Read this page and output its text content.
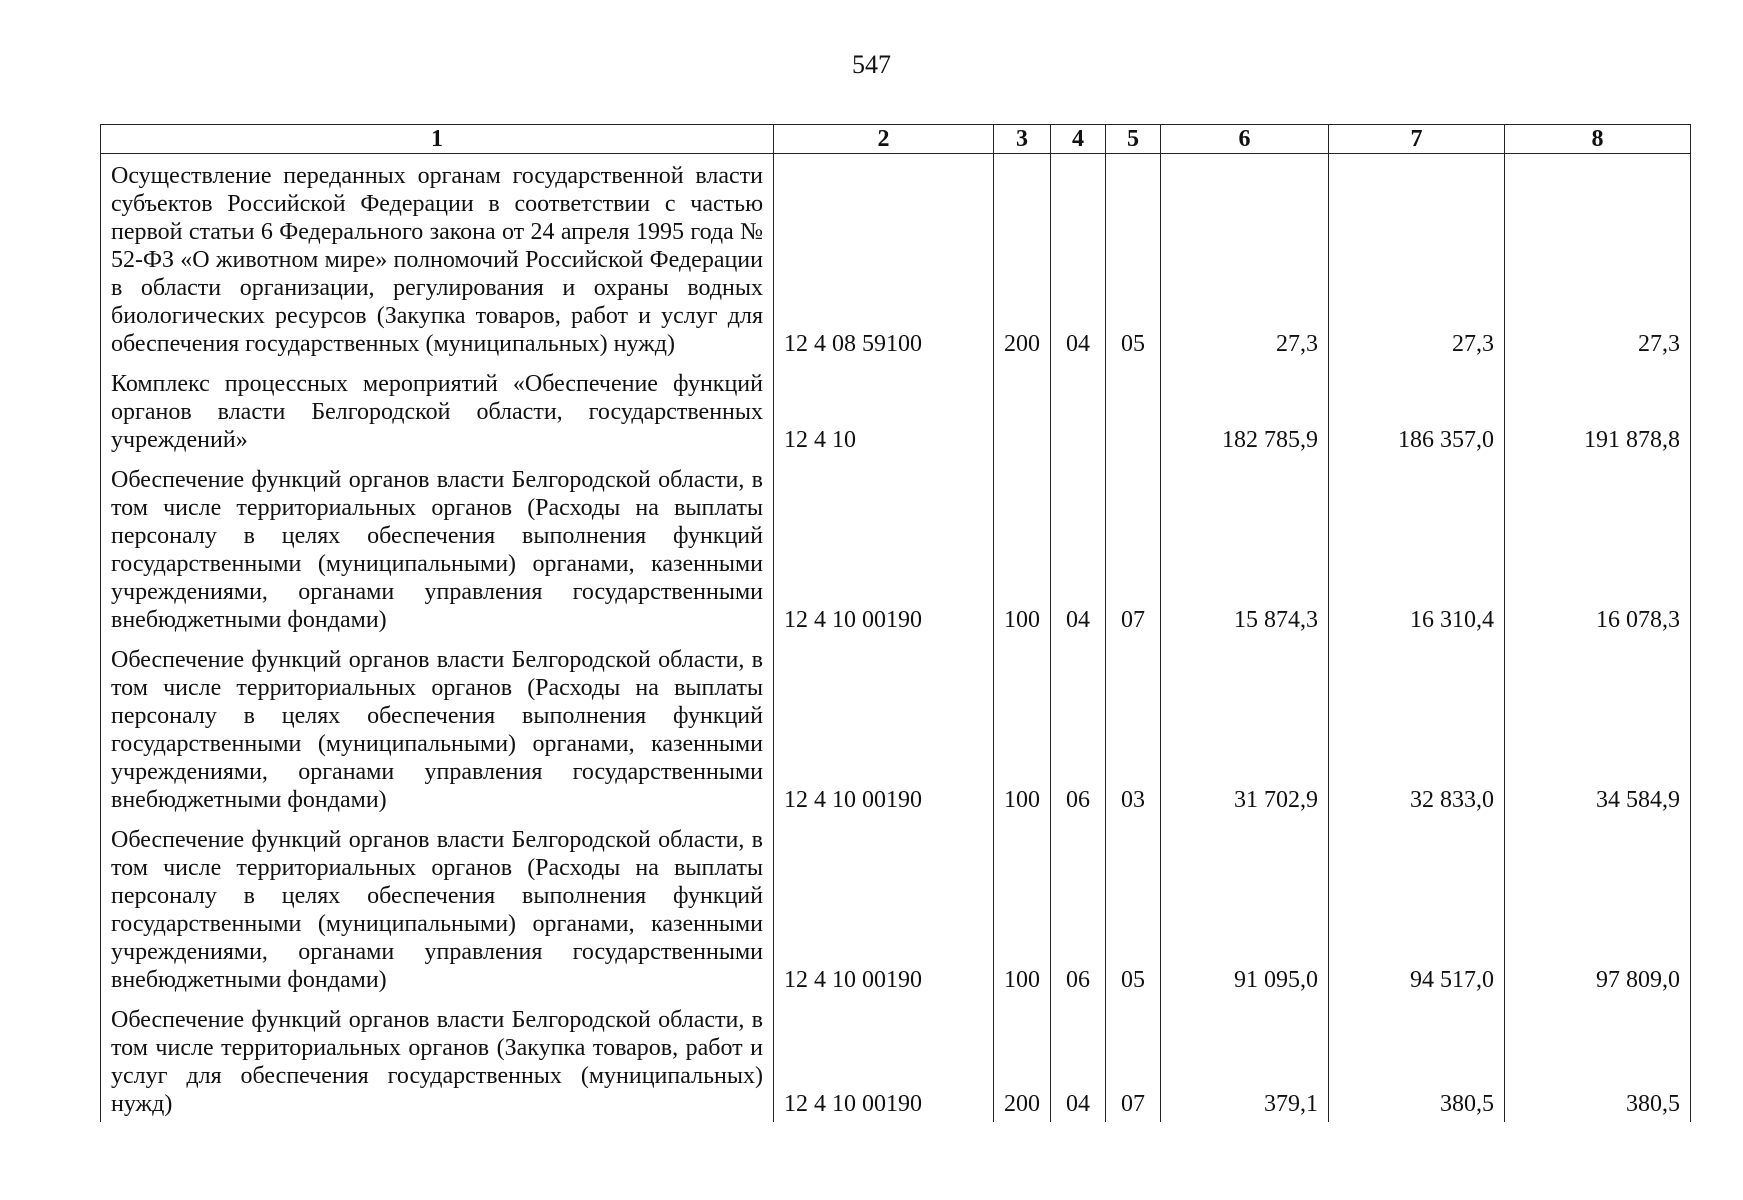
547
1	2	3	4	5	6	7	8
Осуществление переданных органам государственной власти субъектов Российской Федерации в соответствии с частью первой статьи 6 Федерального закона от 24 апреля 1995 года № 52-ФЗ «О животном мире» полномочий Российской Федерации в области организации, регулирования и охраны водных биологических ресурсов (Закупка товаров, работ и услуг для обеспечения государственных (муниципальных) нужд)	12 4 08 59100	200	04	05	27,3	27,3	27,3
Комплекс процессных мероприятий «Обеспечение функций органов власти Белгородской области, государственных учреждений»	12 4 10				182 785,9	186 357,0	191 878,8
Обеспечение функций органов власти Белгородской области, в том числе территориальных органов (Расходы на выплаты персоналу в целях обеспечения выполнения функций государственными (муниципальными) органами, казенными учреждениями, органами управления государственными внебюджетными фондами)	12 4 10 00190	100	04	07	15 874,3	16 310,4	16 078,3
Обеспечение функций органов власти Белгородской области, в том числе территориальных органов (Расходы на выплаты персоналу в целях обеспечения выполнения функций государственными (муниципальными) органами, казенными учреждениями, органами управления государственными внебюджетными фондами)	12 4 10 00190	100	06	03	31 702,9	32 833,0	34 584,9
Обеспечение функций органов власти Белгородской области, в том числе территориальных органов (Расходы на выплаты персоналу в целях обеспечения выполнения функций государственными (муниципальными) органами, казенными учреждениями, органами управления государственными внебюджетными фондами)	12 4 10 00190	100	06	05	91 095,0	94 517,0	97 809,0
Обеспечение функций органов власти Белгородской области, в том числе территориальных органов (Закупка товаров, работ и услуг для обеспечения государственных (муниципальных) нужд)	12 4 10 00190	200	04	07	379,1	380,5	380,5
